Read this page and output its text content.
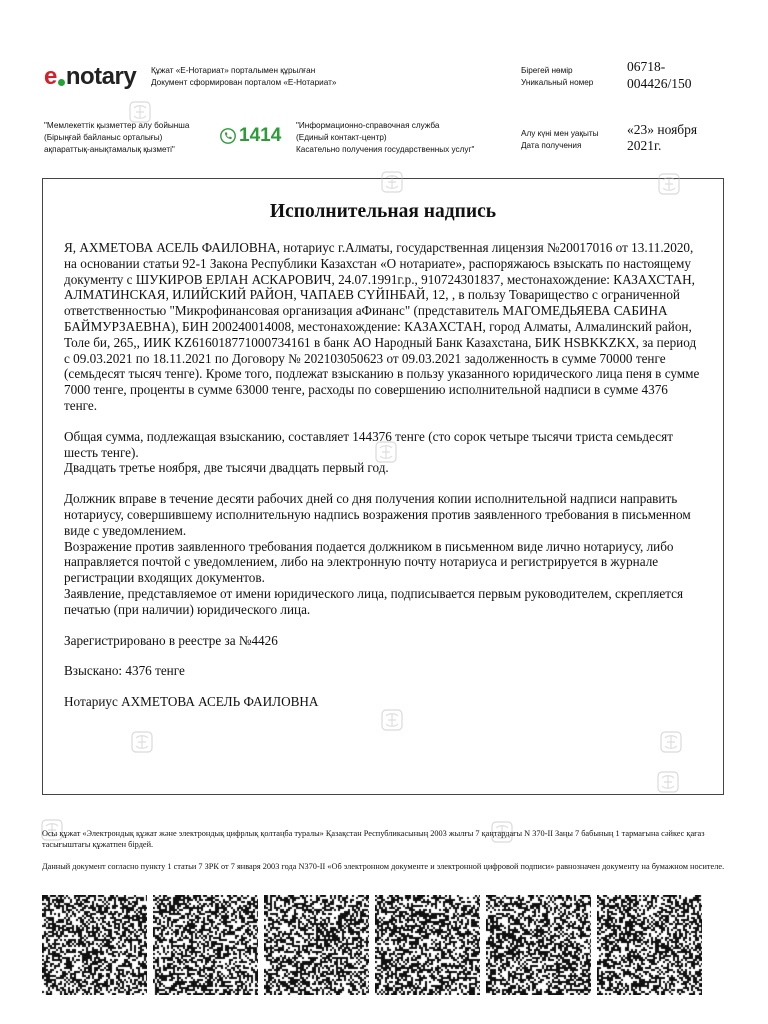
e notary Құжат «Е-Нотариат» порталымен құрылған
Документ сформирован порталом «Е-Нотариат»
Бірегей нөмір
Уникальный номер
06718-
004426/150
"Мемлекеттік қызметтер алу бойынша
(Бірыңғай байланыс орталығы)
ақпараттық-анықтамалық қызметі"
1414 "Информационно-справочная служба
(Единый контакт-центр)
Касательно получения государственных услуг"
Алу күні мен уақыты
Дата получения
«23» ноября
2021г.
Исполнительная надпись

Я, АХМЕТОВА АСЕЛЬ ФАИЛОВНА, нотариус г.Алматы, государственная лицензия №20017016 от 13.11.2020, на основании статьи 92-1 Закона Республики Казахстан «О нотариате», распоряжаюсь взыскать по настоящему документу с ШУКИРОВ ЕРЛАН АСКАРОВИЧ, 24.07.1991г.р., 910724301837, местонахождение: КАЗАХСТАН, АЛМАТИНСКАЯ, ИЛИЙСКИЙ РАЙОН, ЧАПАЕВ СҮЙІНБАЙ, 12, , в пользу Товарищество с ограниченной ответственностью "Микрофинансовая организация аФинанс" (представитель МАГОМЕДЬЯЕВА САБИНА БАЙМУРЗАЕВНА), БИН 200240014008, местонахождение: КАЗАХСТАН, город Алматы, Алмалинский район, Толе би, 265,, ИИК KZ616018771000734161 в банк АО Народный Банк Казахстана, БИК HSBKKZKX, за период с 09.03.2021 по 18.11.2021 по Договору № 202103050623 от 09.03.2021 задолженность в сумме 70000 тенге (семьдесят тысяч тенге). Кроме того, подлежат взысканию в пользу указанного юридического лица пеня в сумме 7000 тенге, проценты в сумме 63000 тенге, расходы по совершению исполнительной надписи в сумме 4376 тенге.

Общая сумма, подлежащая взысканию, составляет 144376 тенге (сто сорок четыре тысячи триста семьдесят шесть тенге).

Двадцать третье ноября, две тысячи двадцать первый год.

Должник вправе в течение десяти рабочих дней со дня получения копии исполнительной надписи направить нотариусу, совершившему исполнительную надпись возражения против заявленного требования в письменном виде с уведомлением.

Возражение против заявленного требования подается должником в письменном виде лично нотариусу, либо направляется почтой с уведомлением, либо на электронную почту нотариуса и регистрируется в журнале регистрации входящих документов.

Заявление, представляемое от имени юридического лица, подписывается первым руководителем, скрепляется печатью (при наличии) юридического лица.

Зарегистрировано в реестре за №4426

Взыскано: 4376 тенге

Нотариус АХМЕТОВА АСЕЛЬ ФАИЛОВНА

Осы құжат «Электрондық құжат және электрондық цифрлық қолтаңба туралы» Қазақстан Республикасының 2003 жылғы 7 қаңтардағы N 370-II Заңы 7 бабының 1 тармағына сәйкес қағаз тасығыштағы құжатпен бірдей.
Данный документ согласно пункту 1 статьи 7 ЗРК от 7 января 2003 года N370-II «Об электронном документе и электронной цифровой подписи» равнозначен документу на бумажном носителе.
